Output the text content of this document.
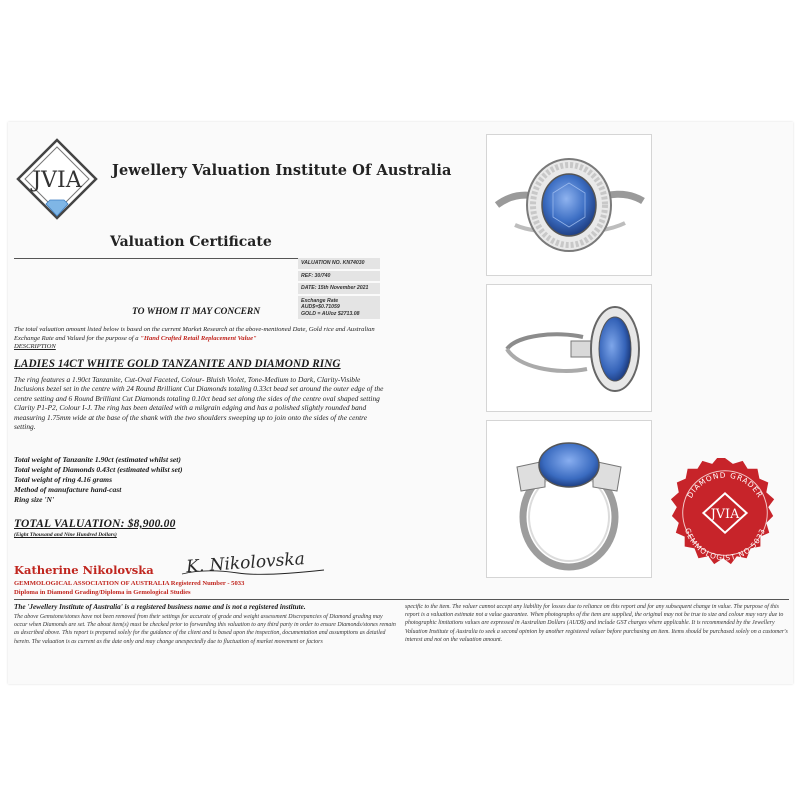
JVIA Jewellery Valuation Institute Of Australia
Valuation Certificate
VALUATION NO. KN74030
REF: 30/740
DATE: 15th November 2021
Exchange Rate
AUD$=$0.71059
GOLD = AU/oz $2713.08
TO WHOM IT MAY CONCERN
The total valuation amount listed below is based on the current Market Research at the above-mentioned Date, Gold rice and Australian Exchange Rate and Valued for the purpose of a "Hand Crafted Retail Replacement Value"
DESCRIPTION
LADIES 14CT WHITE GOLD TANZANITE AND DIAMOND RING
The ring features a 1.90ct Tanzanite, Cut-Oval Faceted, Colour- Bluish Violet, Tone-Medium to Dark, Clarity-Visible Inclusions bezel set in the centre with 24 Round Brilliant Cut Diamonds totaling 0.33ct bead set around the outer edge of the centre setting and 6 Round Brilliant Cut Diamonds totaling 0.10ct bead set along the sides of the centre oval shaped setting Clarity P1-P2, Colour I-J. The ring has been detailed with a milgrain edging and has a polished slightly rounded band measuring 1.75mm wide at the base of the shank with the two shoulders sweeping up to join onto the sides of the centre setting.
Total weight of Tanzanite 1.90ct (estimated whilst set)
Total weight of Diamonds 0.43ct (estimated whilst set)
Total weight of ring 4.16 grams
Method of manufacture hand-cast
Ring size 'N'
TOTAL VALUATION: $8,900.00
(Eight Thousand and Nine Hundred Dollars)
Katherine Nikolovska K. Nikolovska
GEMMOLOGICAL ASSOCIATION OF AUSTRALIA Registered Number - 5033
Diploma in Diamond Grading/Diploma in Gemological Studies
The 'Jewellery Institute of Australia' is a registered business name and is not a registered institute.
The above Gemstone/stones have not been removed from their settings for accurate of grade and weight assessment Discrepancies of Diamond grading may occur when Diamonds are set. The about item(s) must be checked prior to forwarding this valuation to any third party in order to ensure Diamonds/stones remain as described above. This report is prepared solely for the guidance of the client and is based upon the inspection, documentation and assumptions as detailed herein. The valuation is as current as the date only and may change unexpectedly due to fluctuation of market movement or factors
specific to the item. The valuer cannot accept any liability for losses due to reliance on this report and for any subsequent change in value. The purpose of this report is a valuation estimate not a value guarantee. When photographs of the item are supplied, the original may not be true to size and colour may vary due to photographic limitations values are expressed in Australian Dollars (AUD$) and include GST charges where applicable. It is recommended by the Jewellery Valuation Institute of Australia to seek a second opinion by another registered valuer before purchasing an item. Items should be purchased solely on a customer's interest and not on the valuation amount.
DIAMOND GRADER
JVIA
GEMMOLOGIST NO 5033
